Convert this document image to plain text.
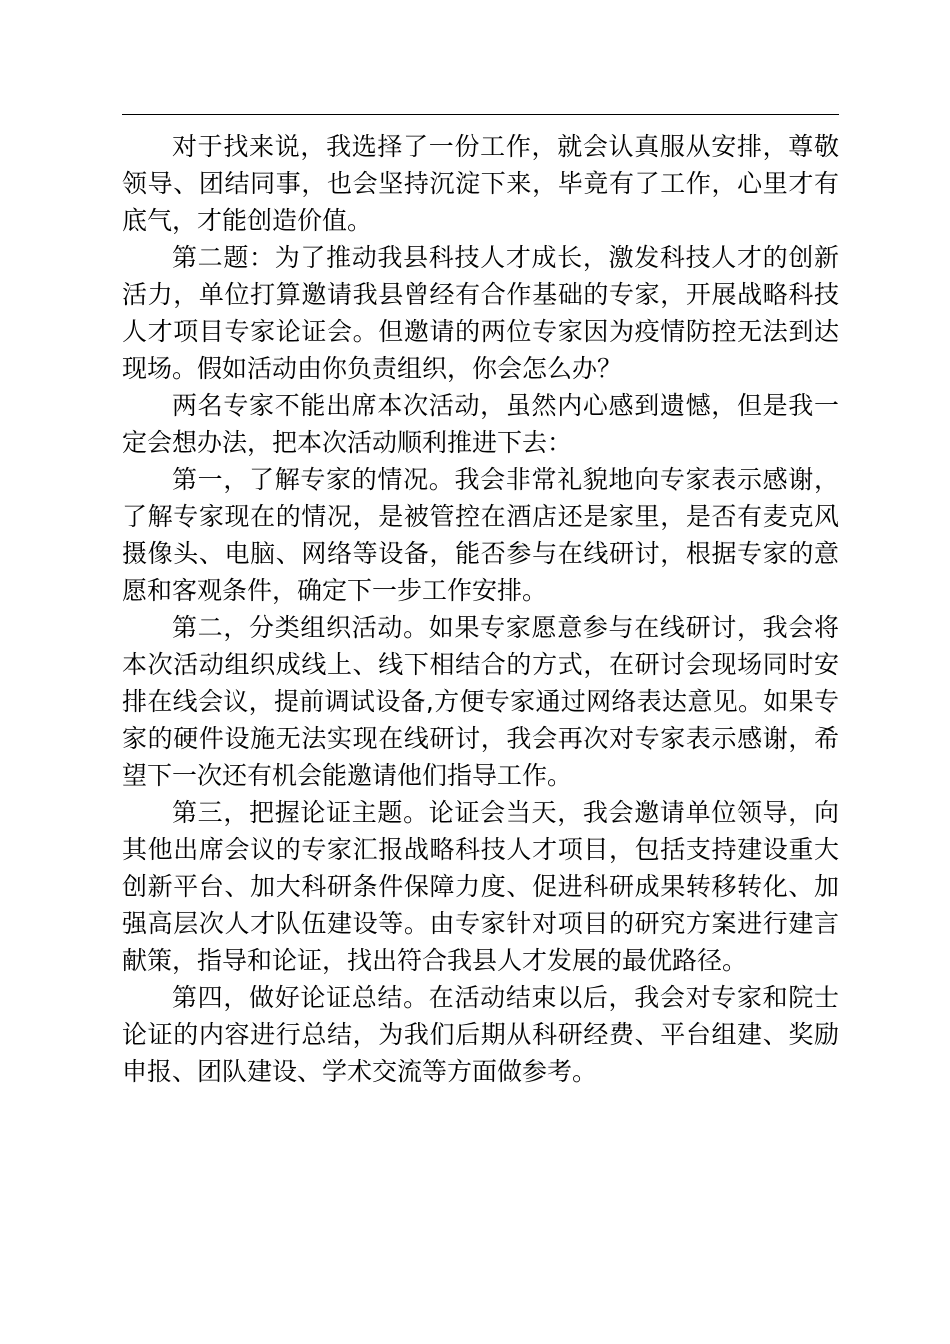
对于找来说，我选择了一份工作，就会认真服从安排，尊敬领导、团结同事，也会坚持沉淀下来，毕竟有了工作，心里才有底气，才能创造价值。

第二题：为了推动我县科技人才成长，激发科技人才的创新活力，单位打算邀请我县曾经有合作基础的专家，开展战略科技人才项目专家论证会。但邀请的两位专家因为疫情防控无法到达现场。假如活动由你负责组织，你会怎么办？

两名专家不能出席本次活动，虽然内心感到遗憾，但是我一定会想办法，把本次活动顺利推进下去：

第一，了解专家的情况。我会非常礼貌地向专家表示感谢，了解专家现在的情况，是被管控在酒店还是家里，是否有麦克风摄像头、电脑、网络等设备，能否参与在线研讨，根据专家的意愿和客观条件，确定下一步工作安排。

第二，分类组织活动。如果专家愿意参与在线研讨，我会将本次活动组织成线上、线下相结合的方式，在研讨会现场同时安排在线会议，提前调试设备,方便专家通过网络表达意见。如果专家的硬件设施无法实现在线研讨，我会再次对专家表示感谢，希望下一次还有机会能邀请他们指导工作。

第三，把握论证主题。论证会当天，我会邀请单位领导，向其他出席会议的专家汇报战略科技人才项目，包括支持建设重大创新平台、加大科研条件保障力度、促进科研成果转移转化、加强高层次人才队伍建设等。由专家针对项目的研究方案进行建言献策，指导和论证，找出符合我县人才发展的最优路径。

第四，做好论证总结。在活动结束以后，我会对专家和院士论证的内容进行总结，为我们后期从科研经费、平台组建、奖励申报、团队建设、学术交流等方面做参考。
